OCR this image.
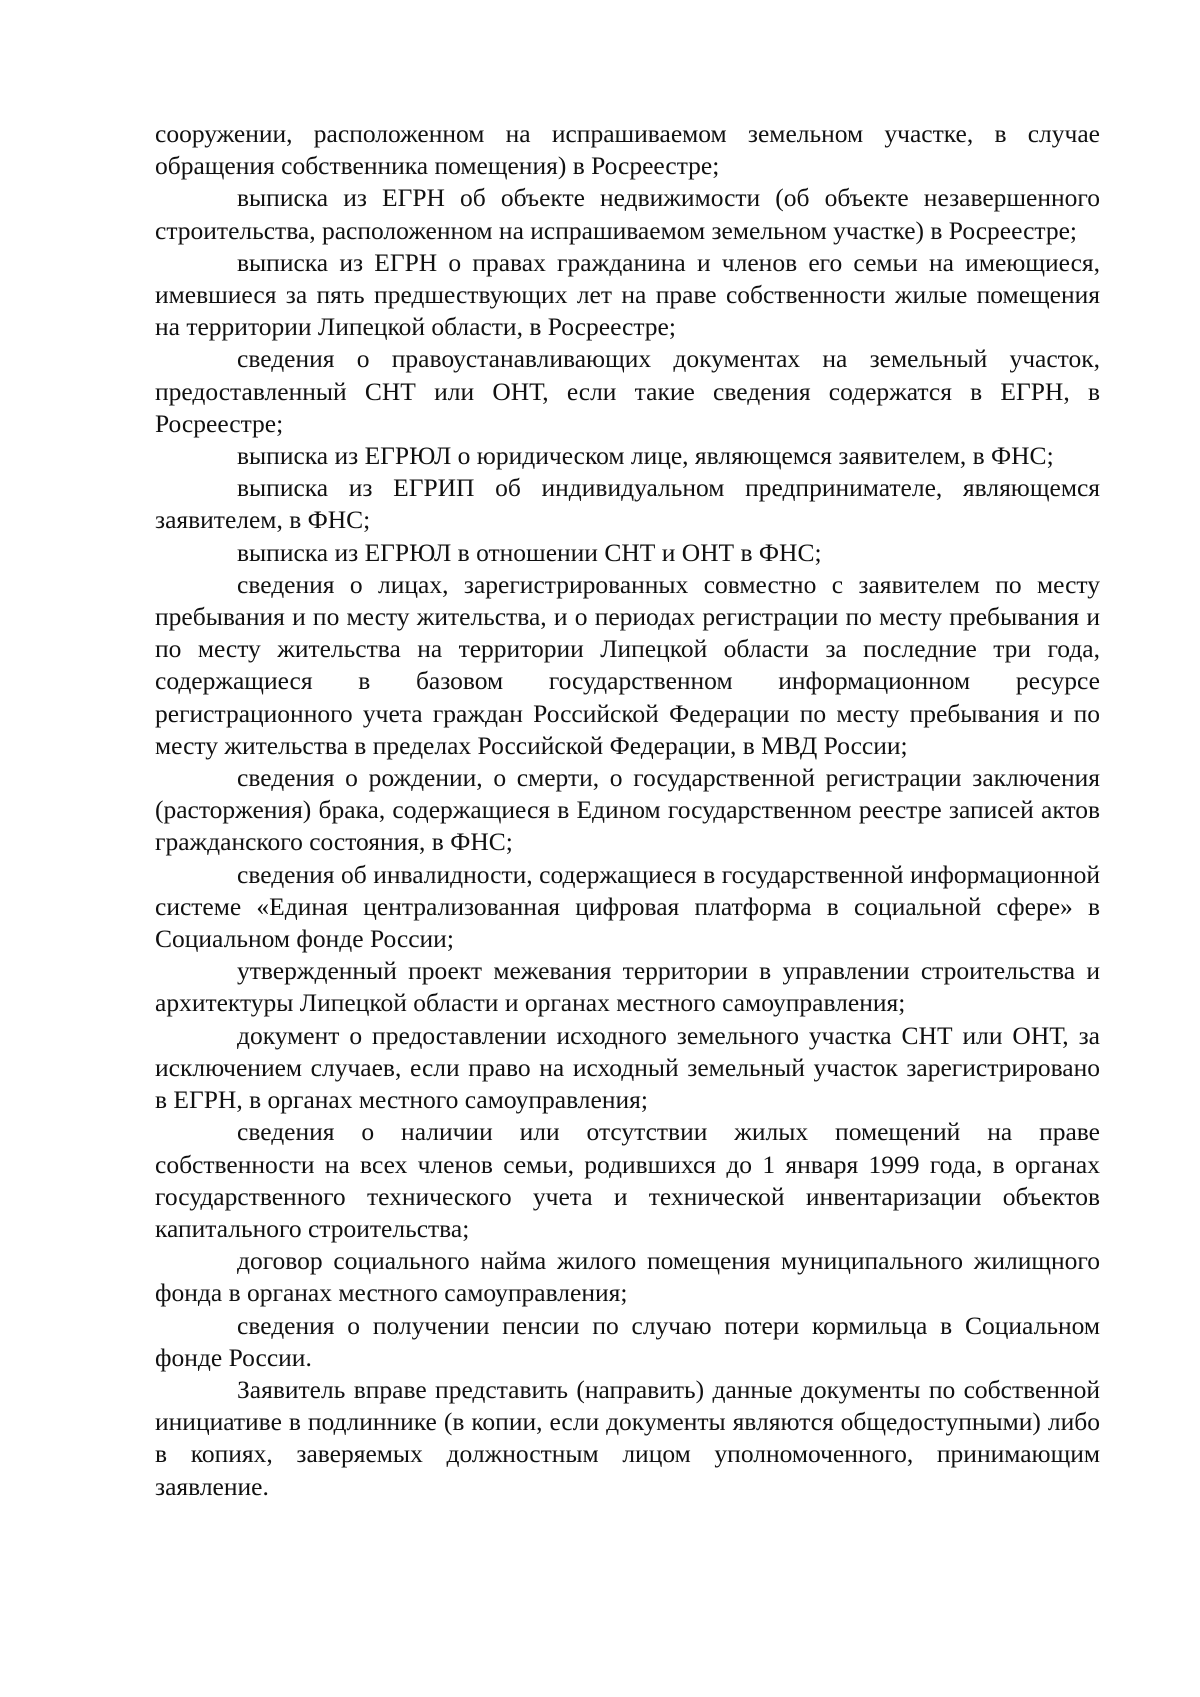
сооружении, расположенном на испрашиваемом земельном участке, в случае обращения собственника помещения) в Росреестре;

выписка из ЕГРН об объекте недвижимости (об объекте незавершенного строительства, расположенном на испрашиваемом земельном участке) в Росреестре;

выписка из ЕГРН о правах гражданина и членов его семьи на имеющиеся, имевшиеся за пять предшествующих лет на праве собственности жилые помещения на территории Липецкой области, в Росреестре;

сведения о правоустанавливающих документах на земельный участок, предоставленный СНТ или ОНТ, если такие сведения содержатся в ЕГРН, в Росреестре;

выписка из ЕГРЮЛ о юридическом лице, являющемся заявителем, в ФНС;

выписка из ЕГРИП об индивидуальном предпринимателе, являющемся заявителем, в ФНС;

выписка из ЕГРЮЛ в отношении СНТ и ОНТ в ФНС;

сведения о лицах, зарегистрированных совместно с заявителем по месту пребывания и по месту жительства, и о периодах регистрации по месту пребывания и по месту жительства на территории Липецкой области за последние три года, содержащиеся в базовом государственном информационном ресурсе регистрационного учета граждан Российской Федерации по месту пребывания и по месту жительства в пределах Российской Федерации, в МВД России;

сведения о рождении, о смерти, о государственной регистрации заключения (расторжения) брака, содержащиеся в Едином государственном реестре записей актов гражданского состояния, в ФНС;

сведения об инвалидности, содержащиеся в государственной информационной системе «Единая централизованная цифровая платформа в социальной сфере» в Социальном фонде России;

утвержденный проект межевания территории в управлении строительства и архитектуры Липецкой области и органах местного самоуправления;

документ о предоставлении исходного земельного участка СНТ или ОНТ, за исключением случаев, если право на исходный земельный участок зарегистрировано в ЕГРН, в органах местного самоуправления;

сведения о наличии или отсутствии жилых помещений на праве собственности на всех членов семьи, родившихся до 1 января 1999 года, в органах государственного технического учета и технической инвентаризации объектов капитального строительства;

договор социального найма жилого помещения муниципального жилищного фонда в органах местного самоуправления;

сведения о получении пенсии по случаю потери кормильца в Социальном фонде России.

Заявитель вправе представить (направить) данные документы по собственной инициативе в подлиннике (в копии, если документы являются общедоступными) либо в копиях, заверяемых должностным лицом уполномоченного, принимающим заявление.
